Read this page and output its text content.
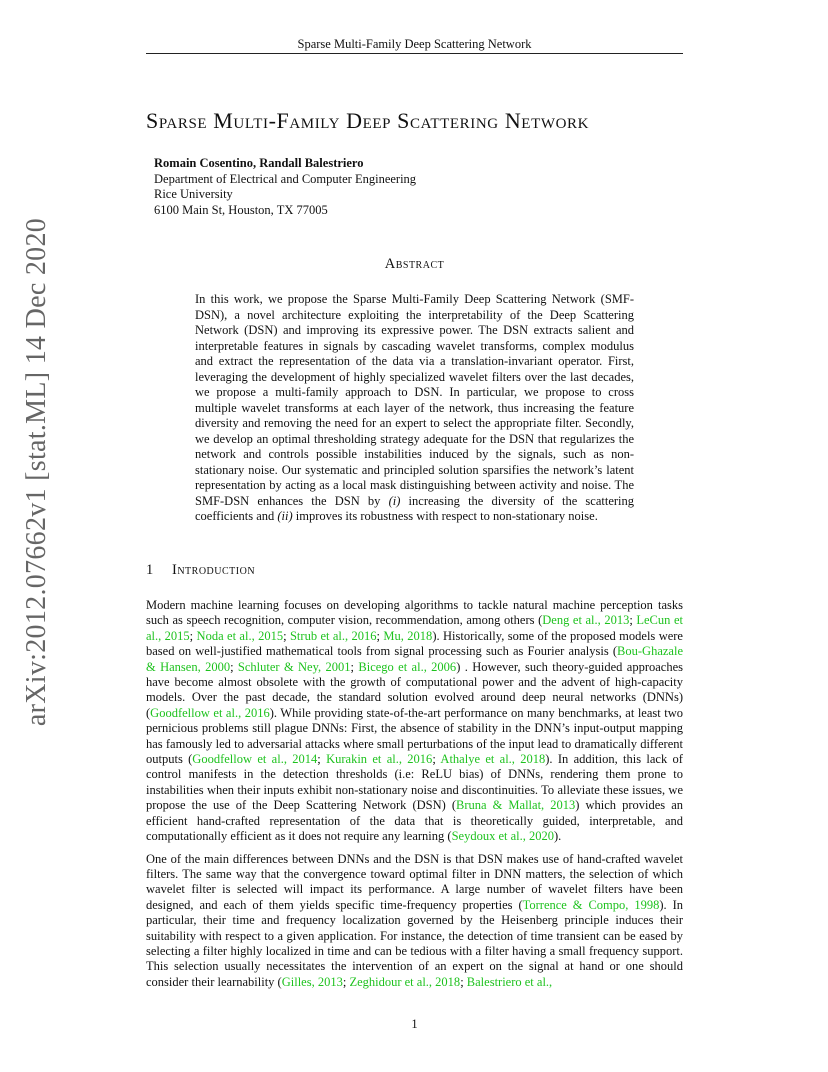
Sparse Multi-Family Deep Scattering Network
arXiv:2012.07662v1 [stat.ML] 14 Dec 2020
Sparse Multi-Family Deep Scattering Network
Romain Cosentino, Randall Balestriero
Department of Electrical and Computer Engineering
Rice University
6100 Main St, Houston, TX 77005
Abstract
In this work, we propose the Sparse Multi-Family Deep Scattering Network (SMF-DSN), a novel architecture exploiting the interpretability of the Deep Scattering Network (DSN) and improving its expressive power. The DSN extracts salient and interpretable features in signals by cascading wavelet transforms, complex modulus and extract the representation of the data via a translation-invariant operator. First, leveraging the development of highly specialized wavelet filters over the last decades, we propose a multi-family approach to DSN. In particular, we propose to cross multiple wavelet transforms at each layer of the network, thus increasing the feature diversity and removing the need for an expert to select the appropriate filter. Secondly, we develop an optimal thresholding strategy adequate for the DSN that regularizes the network and controls possible instabilities induced by the signals, such as non-stationary noise. Our systematic and principled solution sparsifies the network’s latent representation by acting as a local mask distinguishing between activity and noise. The SMF-DSN enhances the DSN by (i) increasing the diversity of the scattering coefficients and (ii) improves its robustness with respect to non-stationary noise.
1 Introduction

Modern machine learning focuses on developing algorithms to tackle natural machine perception tasks such as speech recognition, computer vision, recommendation, among others (Deng et al., 2013; LeCun et al., 2015; Noda et al., 2015; Strub et al., 2016; Mu, 2018). Historically, some of the proposed models were based on well-justified mathematical tools from signal processing such as Fourier analysis (Bou-Ghazale & Hansen, 2000; Schluter & Ney, 2001; Bicego et al., 2006) . However, such theory-guided approaches have become almost obsolete with the growth of computational power and the advent of high-capacity models. Over the past decade, the standard solution evolved around deep neural networks (DNNs) (Goodfellow et al., 2016). While providing state-of-the-art performance on many benchmarks, at least two pernicious problems still plague DNNs: First, the absence of stability in the DNN’s input-output mapping has famously led to adversarial attacks where small perturbations of the input lead to dramatically different outputs (Goodfellow et al., 2014; Kurakin et al., 2016; Athalye et al., 2018). In addition, this lack of control manifests in the detection thresholds (i.e: ReLU bias) of DNNs, rendering them prone to instabilities when their inputs exhibit non-stationary noise and discontinuities. To alleviate these issues, we propose the use of the Deep Scattering Network (DSN) (Bruna & Mallat, 2013) which provides an efficient hand-crafted representation of the data that is theoretically guided, interpretable, and computationally efficient as it does not require any learning (Seydoux et al., 2020).

One of the main differences between DNNs and the DSN is that DSN makes use of hand-crafted wavelet filters. The same way that the convergence toward optimal filter in DNN matters, the selection of which wavelet filter is selected will impact its performance. A large number of wavelet filters have been designed, and each of them yields specific time-frequency properties (Torrence & Compo, 1998). In particular, their time and frequency localization governed by the Heisenberg principle induces their suitability with respect to a given application. For instance, the detection of time transient can be eased by selecting a filter highly localized in time and can be tedious with a filter having a small frequency support. This selection usually necessitates the intervention of an expert on the signal at hand or one should consider their learnability (Gilles, 2013; Zeghidour et al., 2018; Balestriero et al.,

1
